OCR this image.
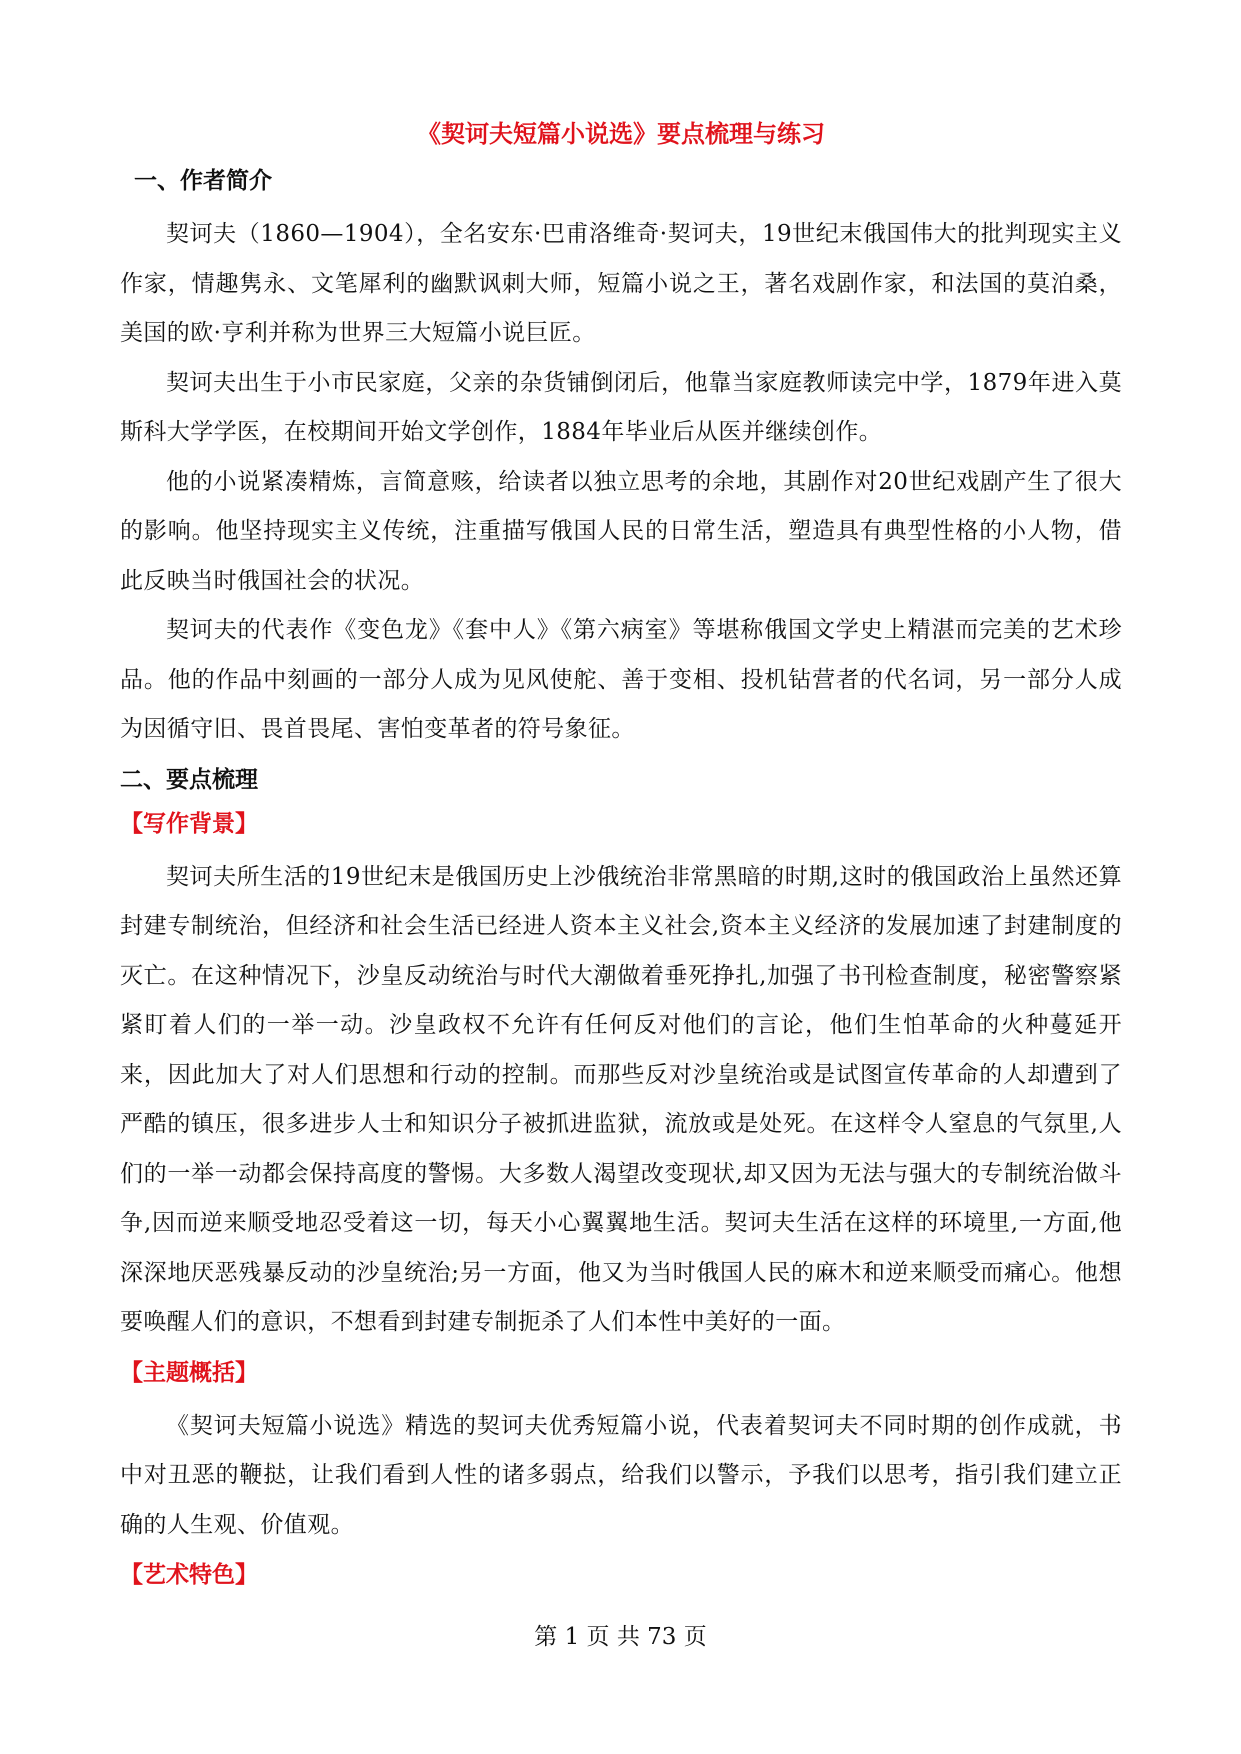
《契诃夫短篇小说选》要点梳理与练习
一、作者简介

契诃夫（1860—1904），全名安东·巴甫洛维奇·契诃夫，19世纪末俄国伟大的批判现实主义作家，情趣隽永、文笔犀利的幽默讽刺大师，短篇小说之王，著名戏剧作家，和法国的莫泊桑，美国的欧·亨利并称为世界三大短篇小说巨匠。

契诃夫出生于小市民家庭，父亲的杂货铺倒闭后，他靠当家庭教师读完中学，1879年进入莫斯科大学学医，在校期间开始文学创作，1884年毕业后从医并继续创作。

他的小说紧凑精炼，言简意赅，给读者以独立思考的余地，其剧作对20世纪戏剧产生了很大的影响。他坚持现实主义传统，注重描写俄国人民的日常生活，塑造具有典型性格的小人物，借此反映当时俄国社会的状况。

契诃夫的代表作《变色龙》《套中人》《第六病室》等堪称俄国文学史上精湛而完美的艺术珍品。他的作品中刻画的一部分人成为见风使舵、善于变相、投机钻营者的代名词，另一部分人成为因循守旧、畏首畏尾、害怕变革者的符号象征。

二、要点梳理
【写作背景】

契诃夫所生活的19世纪末是俄国历史上沙俄统治非常黑暗的时期,这时的俄国政治上虽然还算封建专制统治，但经济和社会生活已经进人资本主义社会,资本主义经济的发展加速了封建制度的灭亡。在这种情况下，沙皇反动统治与时代大潮做着垂死挣扎,加强了书刊检查制度，秘密警察紧紧盯着人们的一举一动。沙皇政权不允许有任何反对他们的言论，他们生怕革命的火种蔓延开来，因此加大了对人们思想和行动的控制。而那些反对沙皇统治或是试图宣传革命的人却遭到了严酷的镇压，很多进步人士和知识分子被抓进监狱，流放或是处死。在这样令人窒息的气氛里,人们的一举一动都会保持高度的警惕。大多数人渴望改变现状,却又因为无法与强大的专制统治做斗争,因而逆来顺受地忍受着这一切，每天小心翼翼地生活。契诃夫生活在这样的环境里,一方面,他深深地厌恶残暴反动的沙皇统治;另一方面，他又为当时俄国人民的麻木和逆来顺受而痛心。他想要唤醒人们的意识，不想看到封建专制扼杀了人们本性中美好的一面。

【主题概括】

《契诃夫短篇小说选》精选的契诃夫优秀短篇小说，代表着契诃夫不同时期的创作成就，书中对丑恶的鞭挞，让我们看到人性的诸多弱点，给我们以警示，予我们以思考，指引我们建立正确的人生观、价值观。

【艺术特色】
第 1 页 共 73 页
